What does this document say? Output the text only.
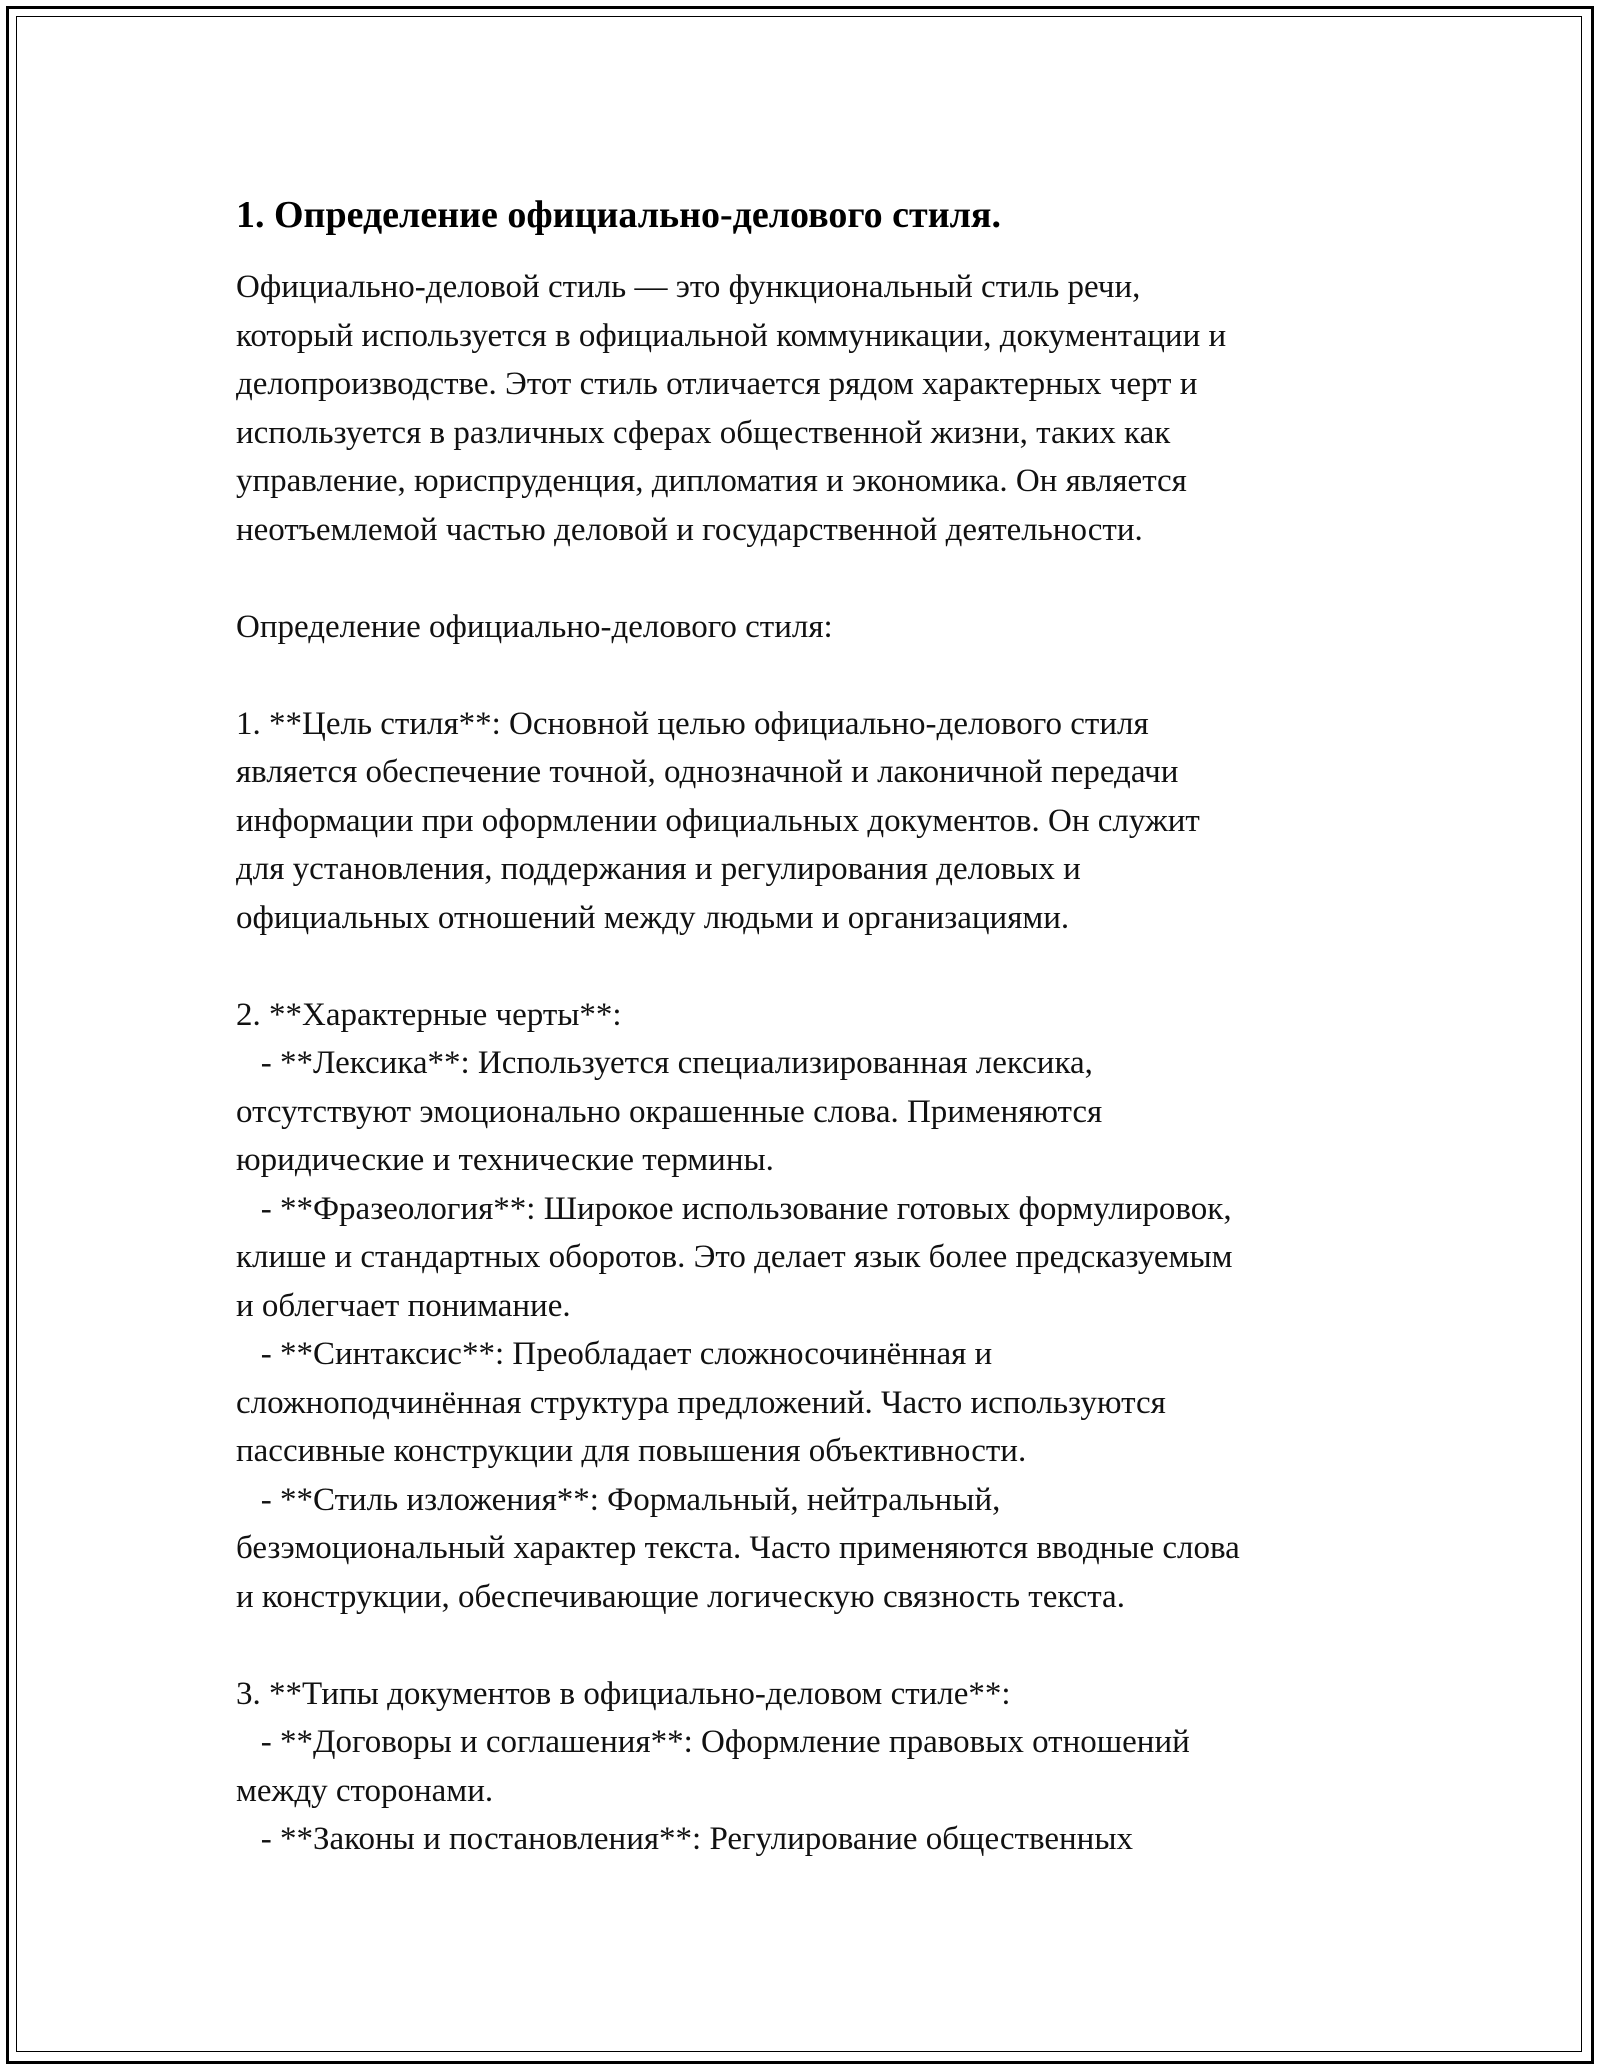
1. Определение официально-делового стиля.
Официально-деловой стиль — это функциональный стиль речи,
который используется в официальной коммуникации, документации и
делопроизводстве. Этот стиль отличается рядом характерных черт и
используется в различных сферах общественной жизни, таких как
управление, юриспруденция, дипломатия и экономика. Он является
неотъемлемой частью деловой и государственной деятельности.
Определение официально-делового стиля:
1. **Цель стиля**: Основной целью официально-делового стиля
является обеспечение точной, однозначной и лаконичной передачи
информации при оформлении официальных документов. Он служит
для установления, поддержания и регулирования деловых и
официальных отношений между людьми и организациями.
2. **Характерные черты**:
- **Лексика**: Используется специализированная лексика,
отсутствуют эмоционально окрашенные слова. Применяются
юридические и технические термины.
- **Фразеология**: Широкое использование готовых формулировок,
клише и стандартных оборотов. Это делает язык более предсказуемым
и облегчает понимание.
- **Синтаксис**: Преобладает сложносочинённая и
сложноподчинённая структура предложений. Часто используются
пассивные конструкции для повышения объективности.
- **Стиль изложения**: Формальный, нейтральный,
безэмоциональный характер текста. Часто применяются вводные слова
и конструкции, обеспечивающие логическую связность текста.
3. **Типы документов в официально-деловом стиле**:
- **Договоры и соглашения**: Оформление правовых отношений
между сторонами.
- **Законы и постановления**: Регулирование общественных
